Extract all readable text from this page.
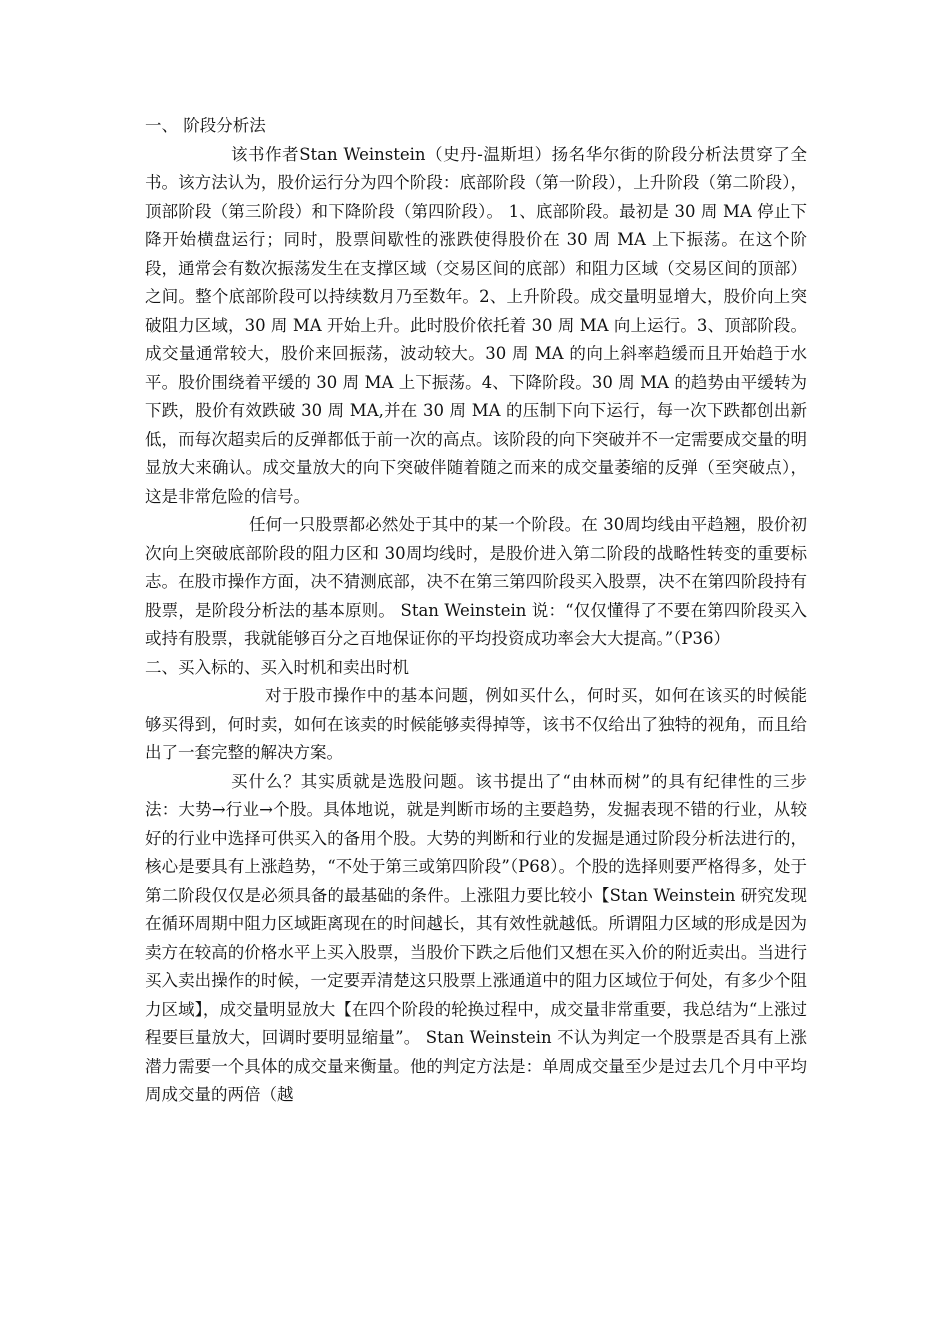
一、 阶段分析法

该书作者Stan Weinstein（史丹-温斯坦）扬名华尔街的阶段分析法贯穿了全书。该方法认为，股价运行分为四个阶段：底部阶段（第一阶段），上升阶段（第二阶段），顶部阶段（第三阶段）和下降阶段（第四阶段）。 1、底部阶段。最初是 30 周 MA 停止下降开始横盘运行；同时，股票间歇性的涨跌使得股价在 30 周 MA 上下振荡。在这个阶段，通常会有数次振荡发生在支撑区域（交易区间的底部）和阻力区域（交易区间的顶部）之间。整个底部阶段可以持续数月乃至数年。2、上升阶段。成交量明显增大，股价向上突破阻力区域，30 周 MA 开始上升。此时股价依托着 30 周 MA 向上运行。3、顶部阶段。成交量通常较大，股价来回振荡，波动较大。30 周 MA 的向上斜率趋缓而且开始趋于水平。股价围绕着平缓的 30 周 MA 上下振荡。4、下降阶段。30 周 MA 的趋势由平缓转为下跌，股价有效跌破 30 周 MA,并在 30 周 MA 的压制下向下运行，每一次下跌都创出新低，而每次超卖后的反弹都低于前一次的高点。该阶段的向下突破并不一定需要成交量的明显放大来确认。成交量放大的向下突破伴随着随之而来的成交量萎缩的反弹（至突破点），这是非常危险的信号。

任何一只股票都必然处于其中的某一个阶段。在 30周均线由平趋翘，股价初次向上突破底部阶段的阻力区和 30周均线时，是股价进入第二阶段的战略性转变的重要标志。在股市操作方面，决不猜测底部，决不在第三第四阶段买入股票，决不在第四阶段持有股票，是阶段分析法的基本原则。 Stan Weinstein 说：“仅仅懂得了不要在第四阶段买入或持有股票，我就能够百分之百地保证你的平均投资成功率会大大提高。”（P36）

二、买入标的、买入时机和卖出时机

对于股市操作中的基本问题，例如买什么，何时买，如何在该买的时候能够买得到，何时卖，如何在该卖的时候能够卖得掉等，该书不仅给出了独特的视角，而且给出了一套完整的解决方案。

买什么？其实质就是选股问题。该书提出了“由林而树”的具有纪律性的三步法：大势→行业→个股。具体地说，就是判断市场的主要趋势，发掘表现不错的行业，从较好的行业中选择可供买入的备用个股。大势的判断和行业的发掘是通过阶段分析法进行的，核心是要具有上涨趋势，“不处于第三或第四阶段”（P68）。个股的选择则要严格得多，处于第二阶段仅仅是必须具备的最基础的条件。上涨阻力要比较小【Stan Weinstein 研究发现在循环周期中阻力区域距离现在的时间越长，其有效性就越低。所谓阻力区域的形成是因为卖方在较高的价格水平上买入股票，当股价下跌之后他们又想在买入价的附近卖出。当进行买入卖出操作的时候，一定要弄清楚这只股票上涨通道中的阻力区域位于何处，有多少个阻力区域】，成交量明显放大【在四个阶段的轮换过程中，成交量非常重要，我总结为“上涨过程要巨量放大，回调时要明显缩量”。 Stan Weinstein 不认为判定一个股票是否具有上涨潜力需要一个具体的成交量来衡量。他的判定方法是：单周成交量至少是过去几个月中平均周成交量的两倍（越
